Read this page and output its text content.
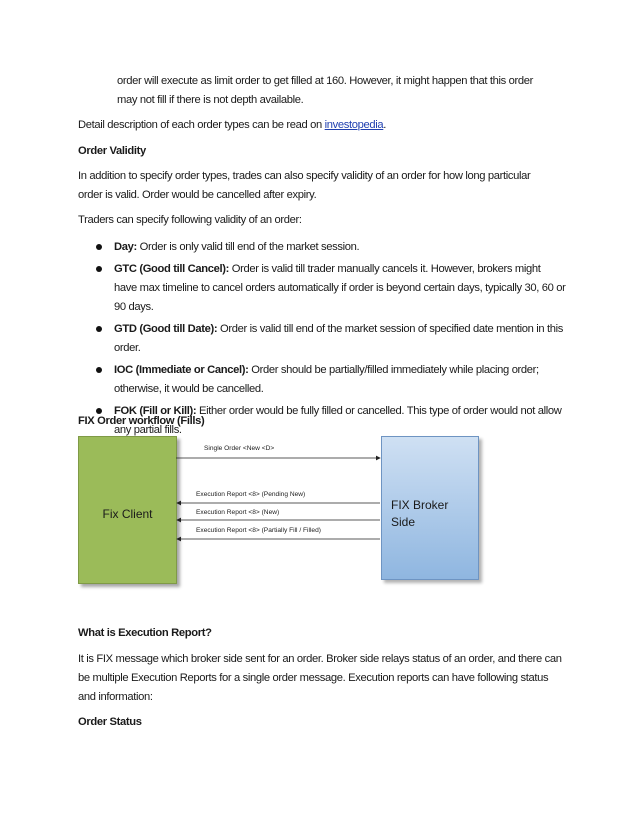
order will execute as limit order to get filled at 160. However, it might happen that this order

may not fill if there is not depth available.

Detail description of each order types can be read on investopedia.

Order Validity

In addition to specify order types, trades can also specify validity of an order for how long particular

order is valid. Order would be cancelled after expiry.

Traders can specify following validity of an order:

Day: Order is only valid till end of the market session.
GTC (Good till Cancel): Order is valid till trader manually cancels it. However, brokers might have max timeline to cancel orders automatically if order is beyond certain days, typically 30, 60 or 90 days.
GTD (Good till Date): Order is valid till end of the market session of specified date mention in this order.
IOC (Immediate or Cancel): Order should be partially/filled immediately while placing order; otherwise, it would be cancelled.
FOK (Fill or Kill): Either order would be fully filled or cancelled. This type of order would not allow any partial fills.

FIX Order workflow (Fills)

Fix Client
FIX Broker
Side
Single Order <New <D>
Execution Report <8> (Pending New)
Execution Report <8> (New)
Execution Report <8> (Partially Fill / Filled)

What is Execution Report?

It is FIX message which broker side sent for an order. Broker side relays status of an order, and there can

be multiple Execution Reports for a single order message. Execution reports can have following status

and information:

Order Status
